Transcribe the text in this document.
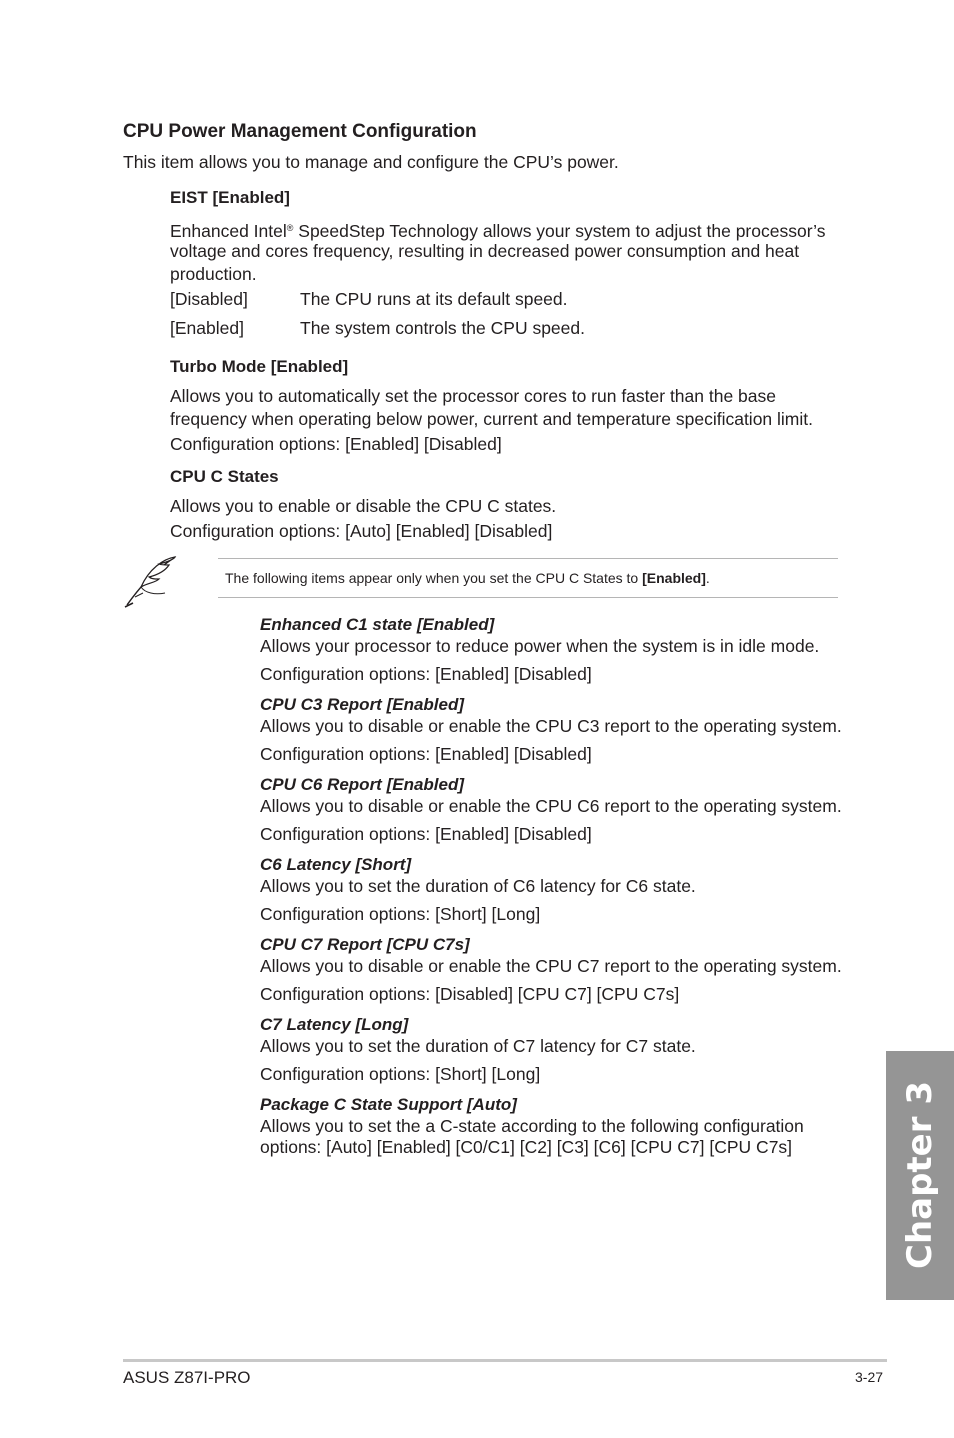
CPU Power Management Configuration
This item allows you to manage and configure the CPU’s power.
EIST [Enabled]
Enhanced Intel® SpeedStep Technology allows your system to adjust the processor’s
voltage and cores frequency, resulting in decreased power consumption and heat
production.
[Disabled]	The CPU runs at its default speed.
[Enabled]	The system controls the CPU speed.
Turbo Mode [Enabled]
Allows you to automatically set the processor cores to run faster than the base
frequency when operating below power, current and temperature specification limit.
Configuration options: [Enabled] [Disabled]
CPU C States
Allows you to enable or disable the CPU C states.
Configuration options: [Auto] [Enabled] [Disabled]
The following items appear only when you set the CPU C States to [Enabled].
Enhanced C1 state [Enabled]
Allows your processor to reduce power when the system is in idle mode.
Configuration options: [Enabled] [Disabled]
CPU C3 Report [Enabled]
Allows you to disable or enable the CPU C3 report to the operating system.
Configuration options: [Enabled] [Disabled]
CPU C6 Report [Enabled]
Allows you to disable or enable the CPU C6 report to the operating system.
Configuration options: [Enabled] [Disabled]
C6 Latency [Short]
Allows you to set the duration of C6 latency for C6 state.
Configuration options: [Short] [Long]
CPU C7 Report [CPU C7s]
Allows you to disable or enable the CPU C7 report to the operating system.
Configuration options: [Disabled] [CPU C7] [CPU C7s]
C7 Latency [Long]
Allows you to set the duration of C7 latency for C7 state.
Configuration options: [Short] [Long]
Package C State Support [Auto]
Allows you to set the a C-state according to the following configuration
options: [Auto] [Enabled] [C0/C1] [C2] [C3] [C6] [CPU C7] [CPU C7s]	Chapter 3
ASUS Z87I-PRO	3-27
